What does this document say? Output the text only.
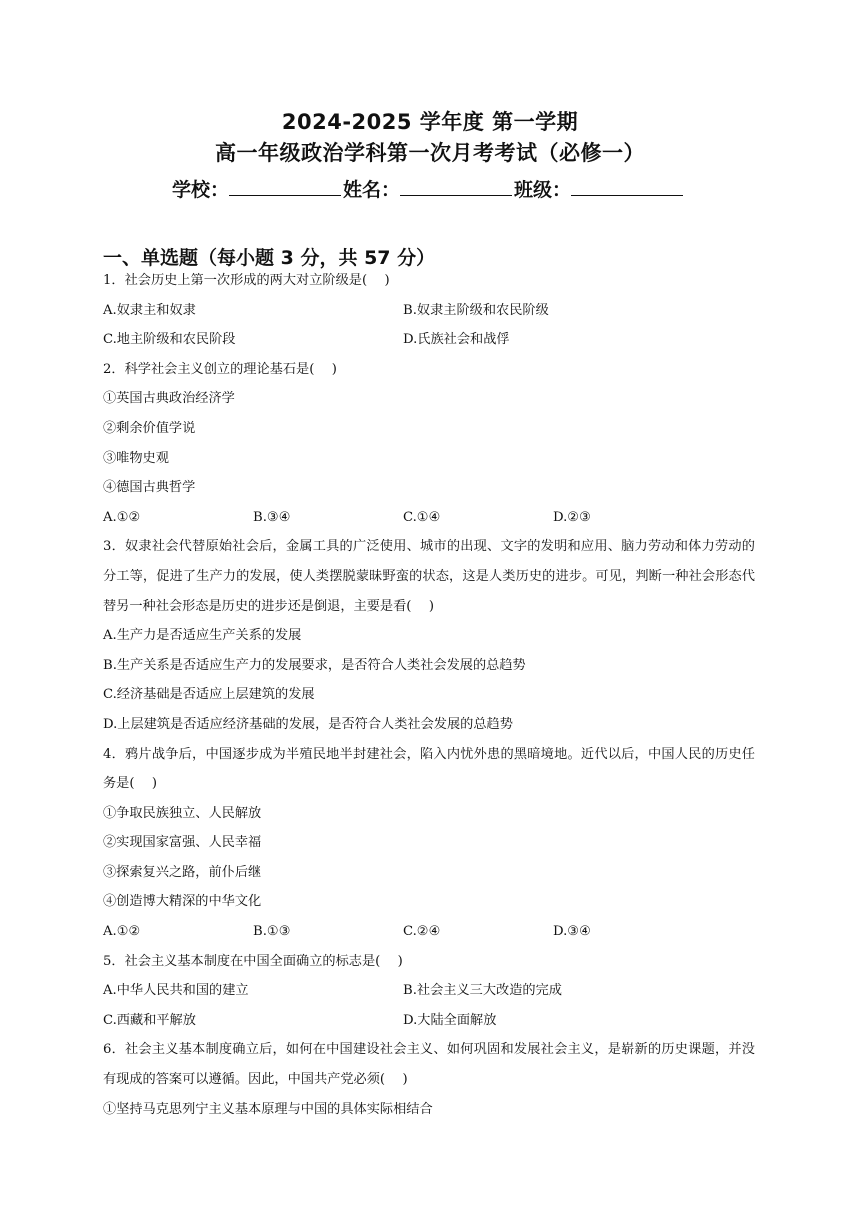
2024-2025 学年度 第一学期
高一年级政治学科第一次月考考试（必修一）
学校：	姓名：	班级：
一、单选题（每小题 3 分，共 57 分）
1．社会历史上第一次形成的两大对立阶级是(　 )
A.奴隶主和奴隶	B.奴隶主阶级和农民阶级
C.地主阶级和农民阶段	D.氏族社会和战俘
2．科学社会主义创立的理论基石是(　 )
①英国古典政治经济学
②剩余价值学说
③唯物史观
④德国古典哲学
A.①②	B.③④	C.①④	D.②③
3．奴隶社会代替原始社会后，金属工具的广泛使用、城市的出现、文字的发明和应用、脑力劳动和体力劳动的分工等，促进了生产力的发展，使人类摆脱蒙昧野蛮的状态，这是人类历史的进步。可见，判断一种社会形态代替另一种社会形态是历史的进步还是倒退，主要是看(　 )
A.生产力是否适应生产关系的发展
B.生产关系是否适应生产力的发展要求，是否符合人类社会发展的总趋势
C.经济基础是否适应上层建筑的发展
D.上层建筑是否适应经济基础的发展，是否符合人类社会发展的总趋势
4．鸦片战争后，中国逐步成为半殖民地半封建社会，陷入内忧外患的黑暗境地。近代以后，中国人民的历史任务是(　 )
①争取民族独立、人民解放
②实现国家富强、人民幸福
③探索复兴之路，前仆后继
④创造博大精深的中华文化
A.①②	B.①③	C.②④	D.③④
5．社会主义基本制度在中国全面确立的标志是(　 )
A.中华人民共和国的建立	B.社会主义三大改造的完成
C.西藏和平解放	D.大陆全面解放
6．社会主义基本制度确立后，如何在中国建设社会主义、如何巩固和发展社会主义，是崭新的历史课题，并没有现成的答案可以遵循。因此，中国共产党必须(　 )
①坚持马克思列宁主义基本原理与中国的具体实际相结合
